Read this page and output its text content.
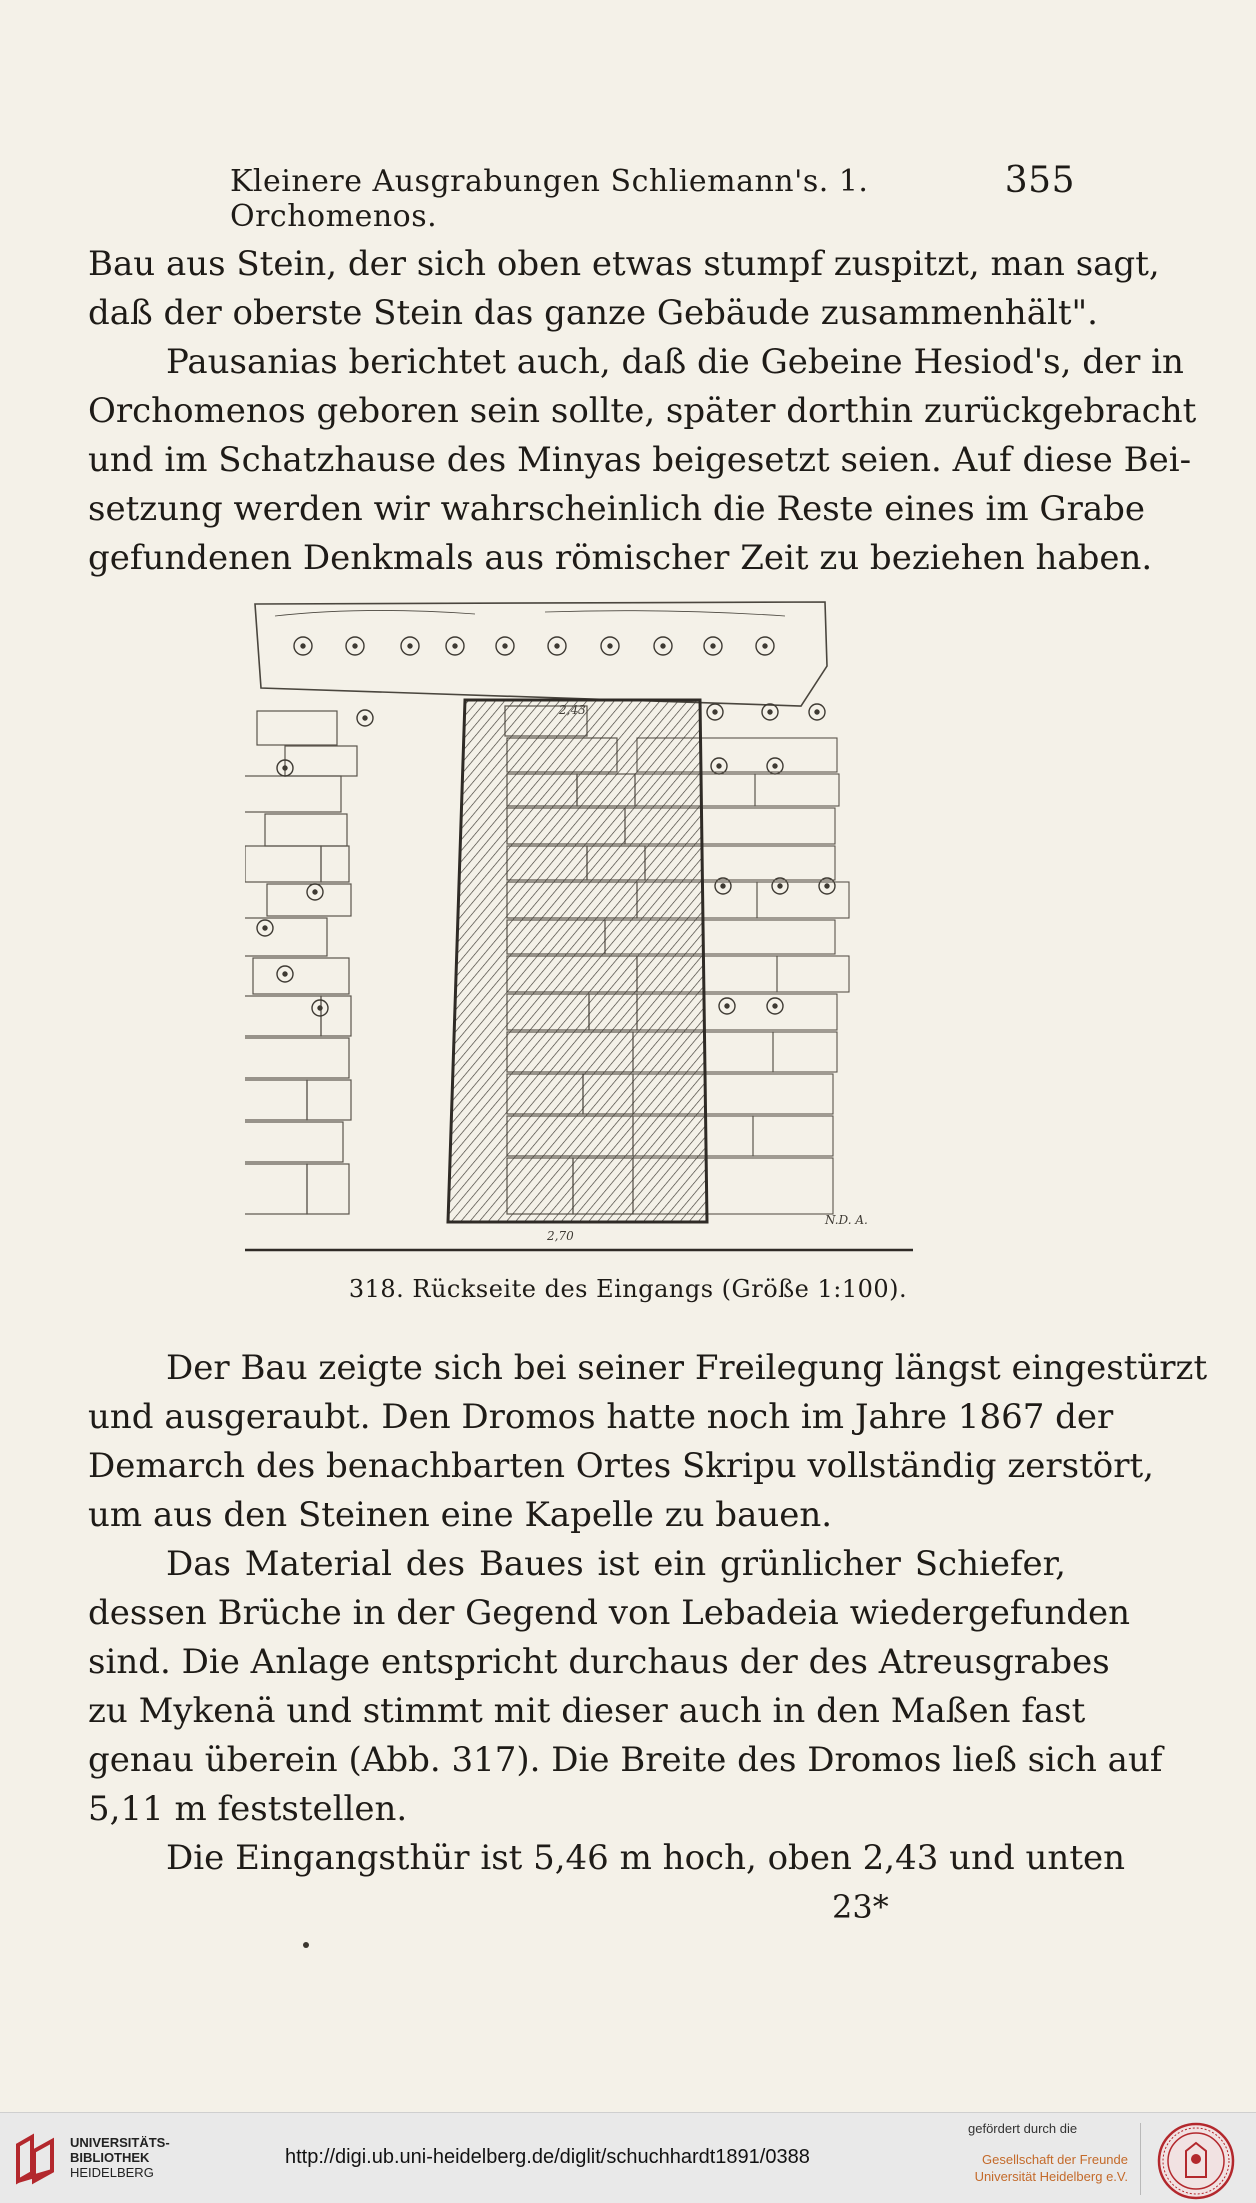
Kleinere Ausgrabungen Schliemann's. 1. Orchomenos.
355
Bau aus Stein, der sich oben etwas stumpf zuspitzt, man sagt,
daß der oberste Stein das ganze Gebäude zusammenhält".
Pausanias berichtet auch, daß die Gebeine Hesiod's, der in
Orchomenos geboren sein sollte, später dorthin zurückgebracht
und im Schatzhause des Minyas beigesetzt seien. Auf diese Bei-
setzung werden wir wahrscheinlich die Reste eines im Grabe
gefundenen Denkmals aus römischer Zeit zu beziehen haben.
2,43
2,70
N.D. A.
318. Rückseite des Eingangs (Größe 1:100).
Der Bau zeigte sich bei seiner Freilegung längst eingestürzt
und ausgeraubt. Den Dromos hatte noch im Jahre 1867 der
Demarch des benachbarten Ortes Skripu vollständig zerstört,
um aus den Steinen eine Kapelle zu bauen.
Das Material des Baues ist ein grünlicher Schiefer,
dessen Brüche in der Gegend von Lebadeia wiedergefunden
sind. Die Anlage entspricht durchaus der des Atreusgrabes
zu Mykenä und stimmt mit dieser auch in den Maßen fast
genau überein (Abb. 317). Die Breite des Dromos ließ sich auf
5,11 m feststellen.
Die Eingangsthür ist 5,46 m hoch, oben 2,43 und unten
23*
UNIVERSITÄTS-
BIBLIOTHEK
HEIDELBERG
http://digi.ub.uni-heidelberg.de/diglit/schuchhardt1891/0388
gefördert durch die
Gesellschaft der Freunde
Universität Heidelberg e.V.
